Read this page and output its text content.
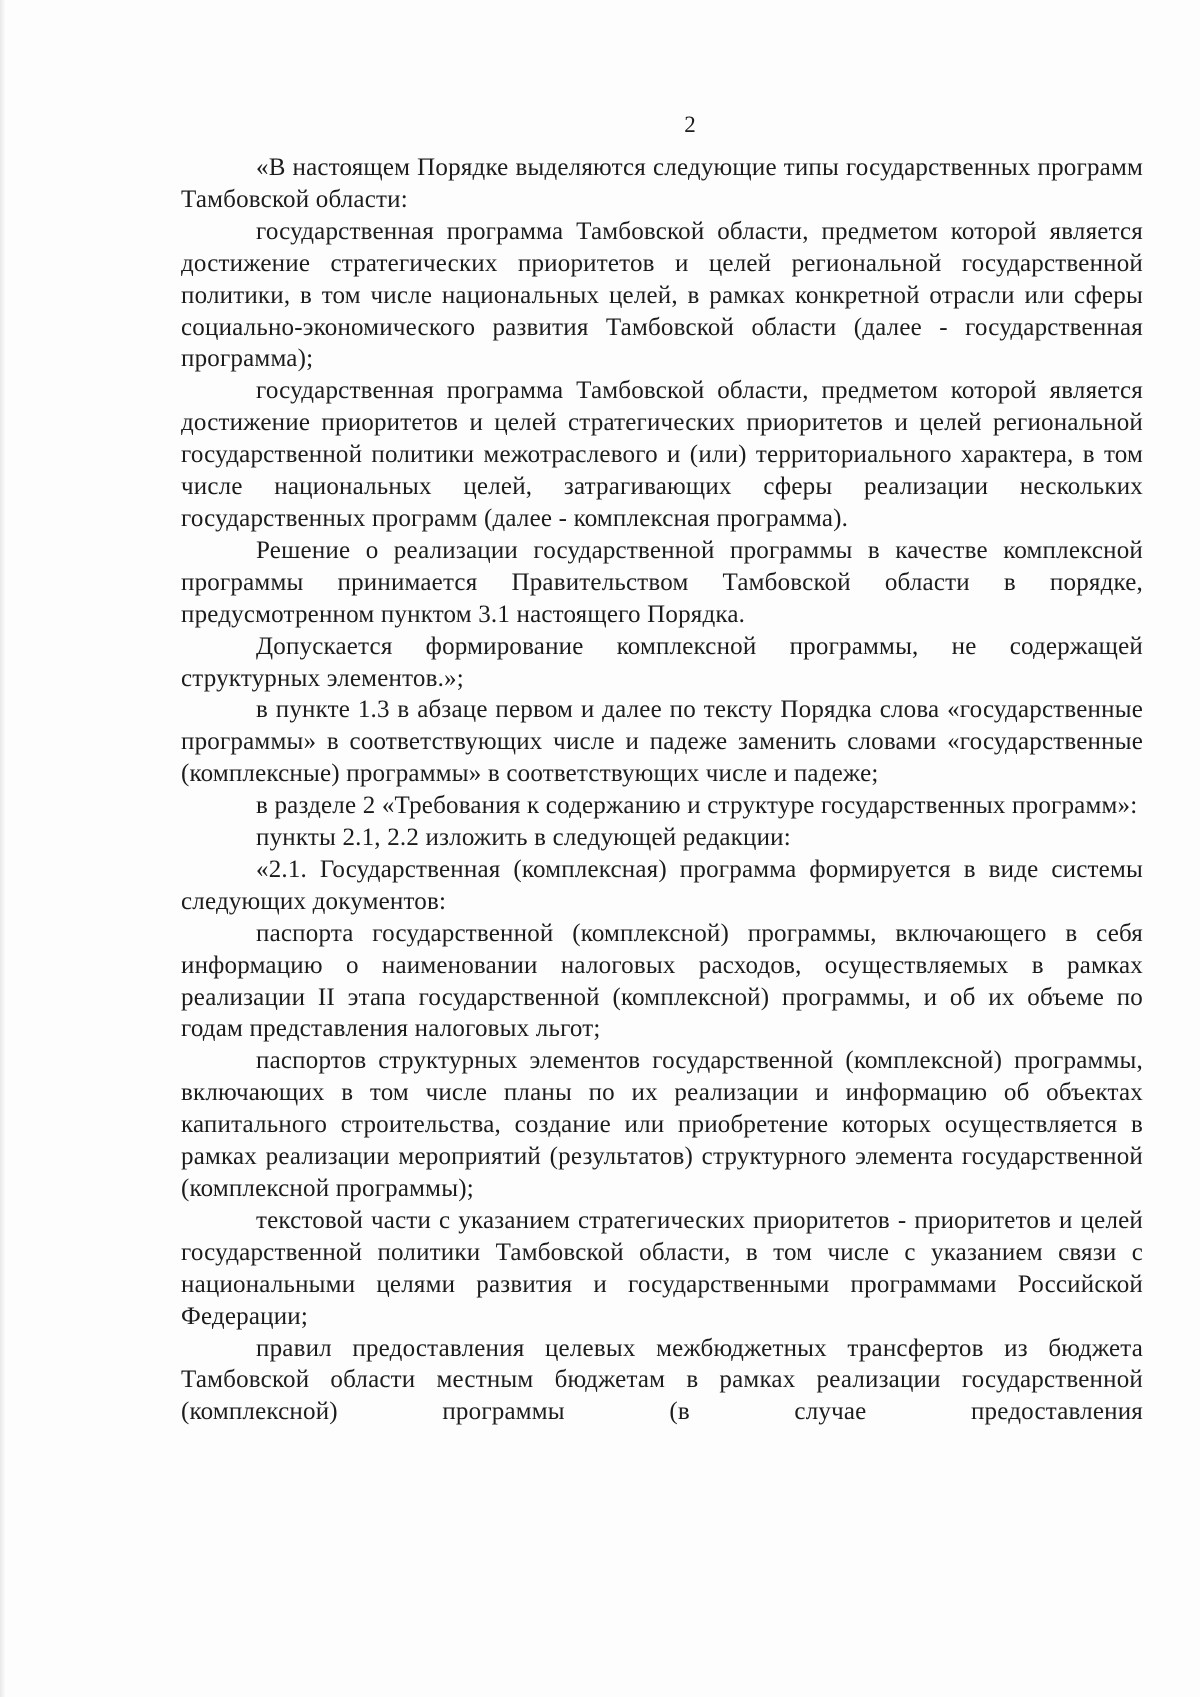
2

«В настоящем Порядке выделяются следующие типы государственных программ Тамбовской области:

государственная программа Тамбовской области, предметом которой является достижение стратегических приоритетов и целей региональной государственной политики, в том числе национальных целей, в рамках конкретной отрасли или сферы социально-экономического развития Тамбовской области (далее - государственная программа);

государственная программа Тамбовской области, предметом которой является достижение приоритетов и целей стратегических приоритетов и целей региональной государственной политики межотраслевого и (или) территориального характера, в том числе национальных целей, затрагивающих сферы реализации нескольких государственных программ (далее - комплексная программа).

Решение о реализации государственной программы в качестве комплексной программы принимается Правительством Тамбовской области в порядке, предусмотренном пунктом 3.1 настоящего Порядка.

Допускается формирование комплексной программы, не содержащей структурных элементов.»;

в пункте 1.3 в абзаце первом и далее по тексту Порядка слова «государственные программы» в соответствующих числе и падеже заменить словами «государственные (комплексные) программы» в соответствующих числе и падеже;

в разделе 2 «Требования к содержанию и структуре государственных программ»:

пункты 2.1, 2.2 изложить в следующей редакции:

«2.1. Государственная (комплексная) программа формируется в виде системы следующих документов:

паспорта государственной (комплексной) программы, включающего в себя информацию о наименовании налоговых расходов, осуществляемых в рамках реализации II этапа государственной (комплексной) программы, и об их объеме по годам представления налоговых льгот;

паспортов структурных элементов государственной (комплексной) программы, включающих в том числе планы по их реализации и информацию об объектах капитального строительства, создание или приобретение которых осуществляется в рамках реализации мероприятий (результатов) структурного элемента государственной (комплексной программы);

текстовой части с указанием стратегических приоритетов - приоритетов и целей государственной политики Тамбовской области, в том числе с указанием связи с национальными целями развития и государственными программами Российской Федерации;

правил предоставления целевых межбюджетных трансфертов из бюджета Тамбовской области местным бюджетам в рамках реализации государственной (комплексной) программы (в случае предоставления
